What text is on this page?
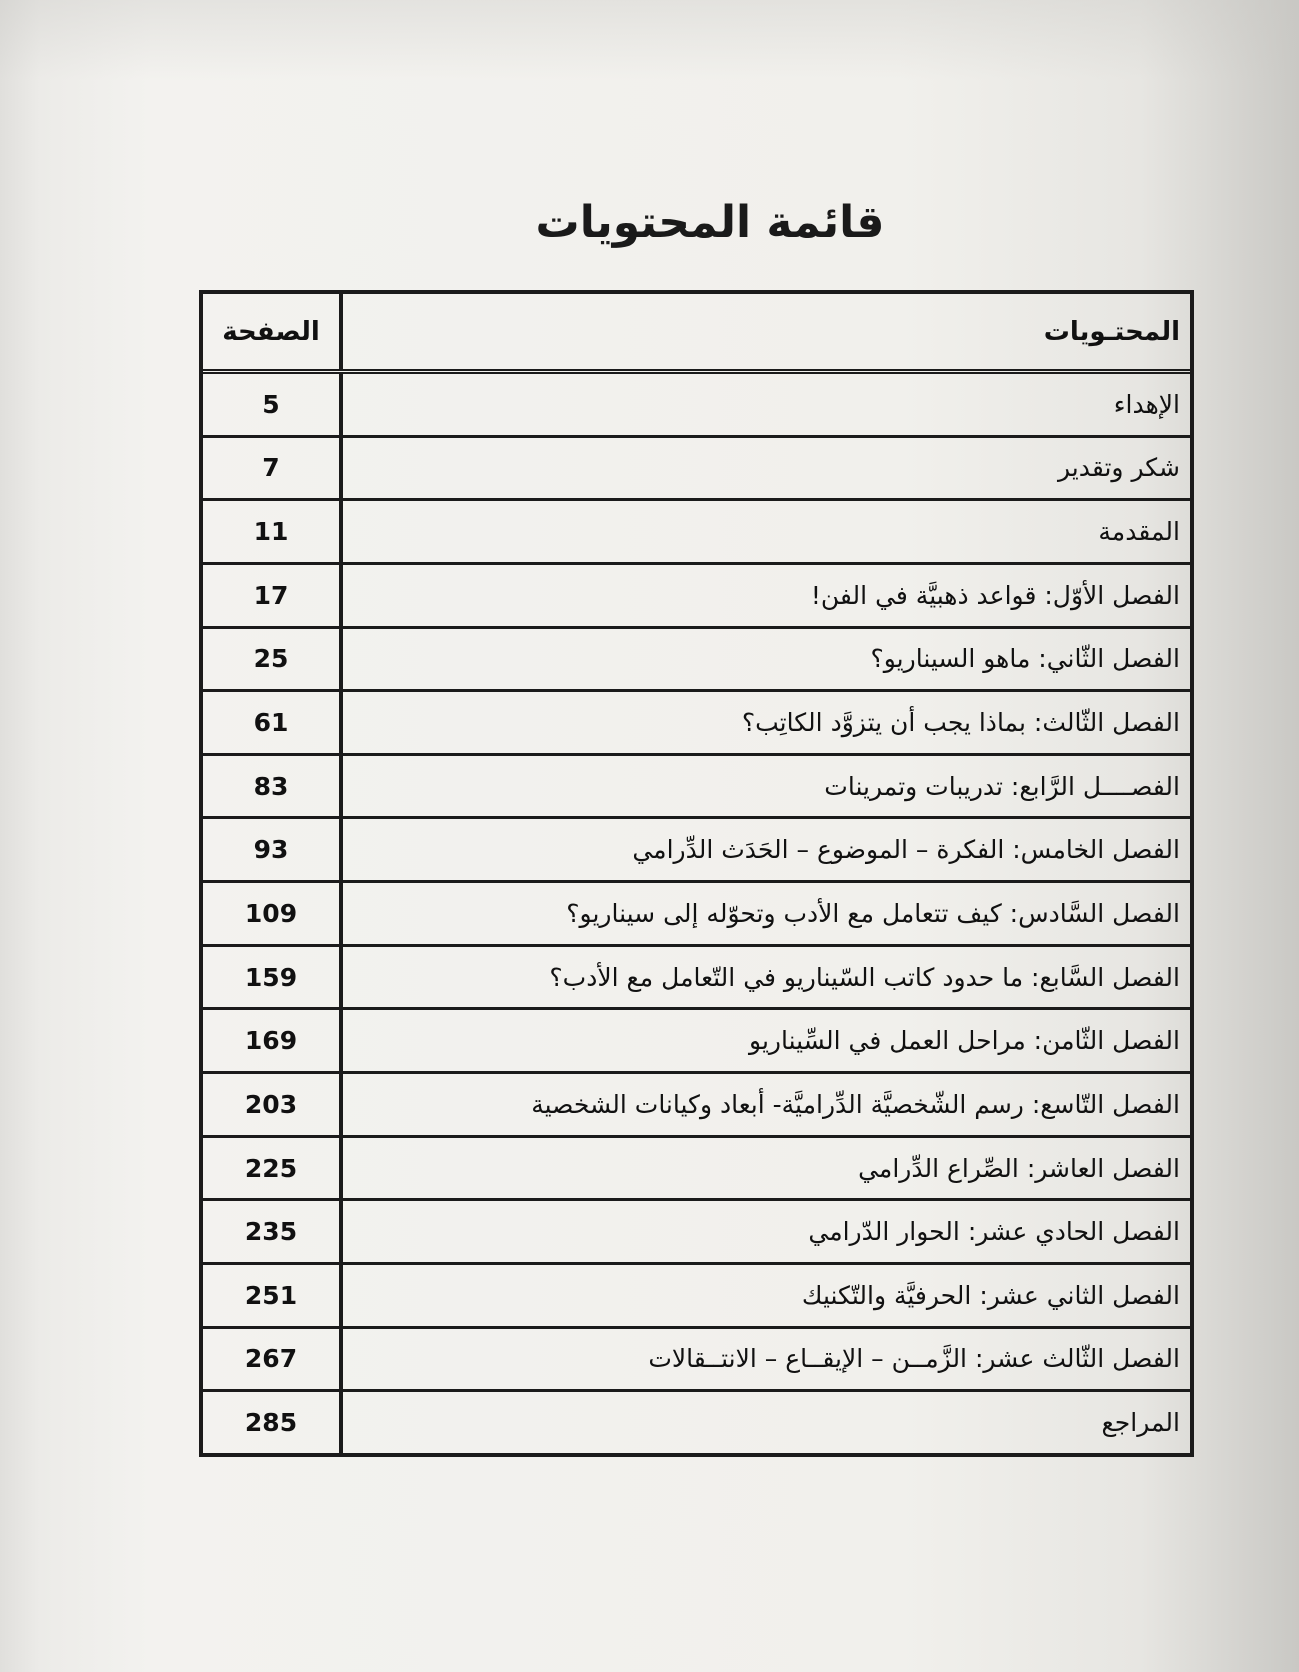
قائمة المحتويات
المحتـويات
الصفحة
الإهداء
5
شكر وتقدير
7
المقدمة
11
الفصل الأوّل: قواعد ذهبيَّة في الفن!
17
الفصل الثّاني: ماهو السيناريو؟
25
الفصل الثّالث: بماذا يجب أن يتزوَّد الكاتِب؟
61
الفصــــل الرَّابع: تدريبات وتمرينات
83
الفصل الخامس: الفكرة – الموضوع – الحَدَث الدِّرامي
93
الفصل السَّادس: كيف تتعامل مع الأدب وتحوّله إلى سيناريو؟
109
الفصل السَّابع: ما حدود كاتب السّيناريو في التّعامل مع الأدب؟
159
الفصل الثّامن: مراحل العمل في السِّيناريو
169
الفصل التّاسع: رسم الشّخصيَّة الدِّراميَّة- أبعاد وكيانات الشخصية
203
الفصل العاشر: الصِّراع الدِّرامي
225
الفصل الحادي عشر: الحوار الدّرامي
235
الفصل الثاني عشر: الحرفيَّة والتّكنيك
251
الفصل الثّالث عشر: الزَّمــن – الإيقــاع – الانتــقالات
267
المراجع
285
